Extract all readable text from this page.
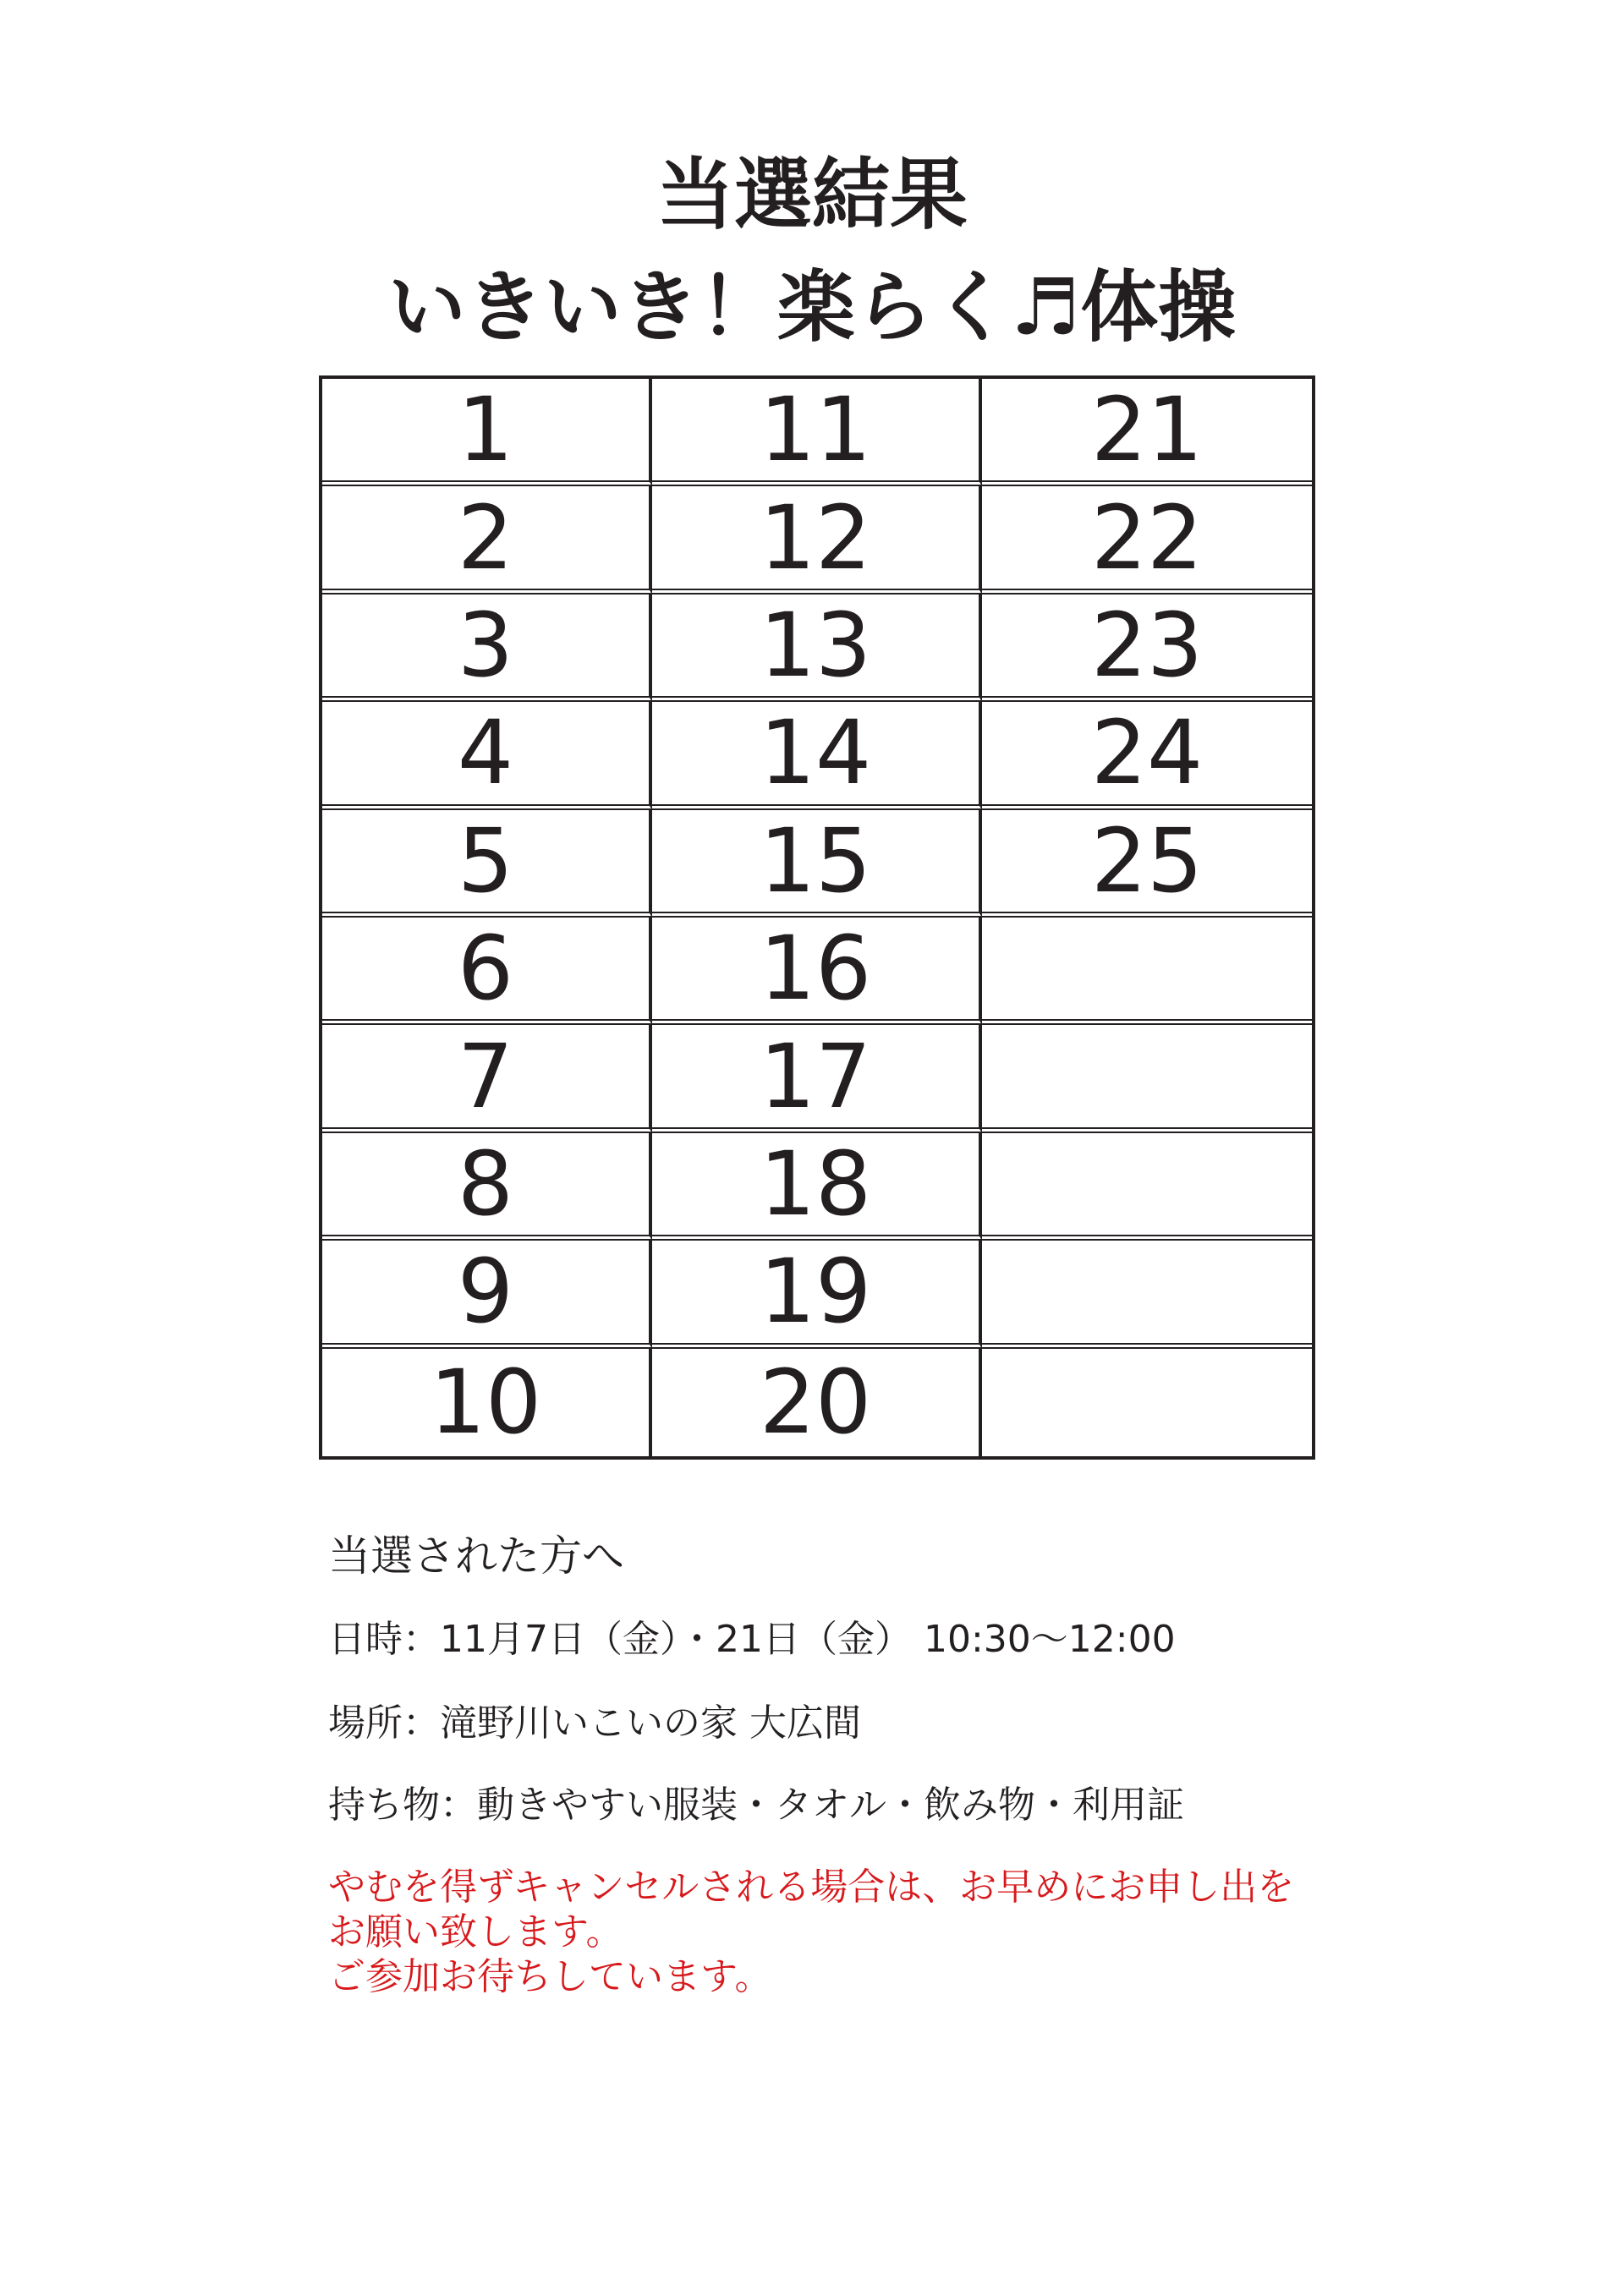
当選結果
いきいき！楽らく♬体操
1	11	21
2	12	22
3	13	23
4	14	24
5	15	25
6	16
7	17
8	18
9	19
10	20
当選された方へ
日時：11月7日（金）・21日（金） 10:30〜12:00
場所：滝野川いこいの家 大広間
持ち物：動きやすい服装・タオル・飲み物・利用証
やむを得ずキャンセルされる場合は、お早めにお申し出を
お願い致します。
ご参加お待ちしています。
